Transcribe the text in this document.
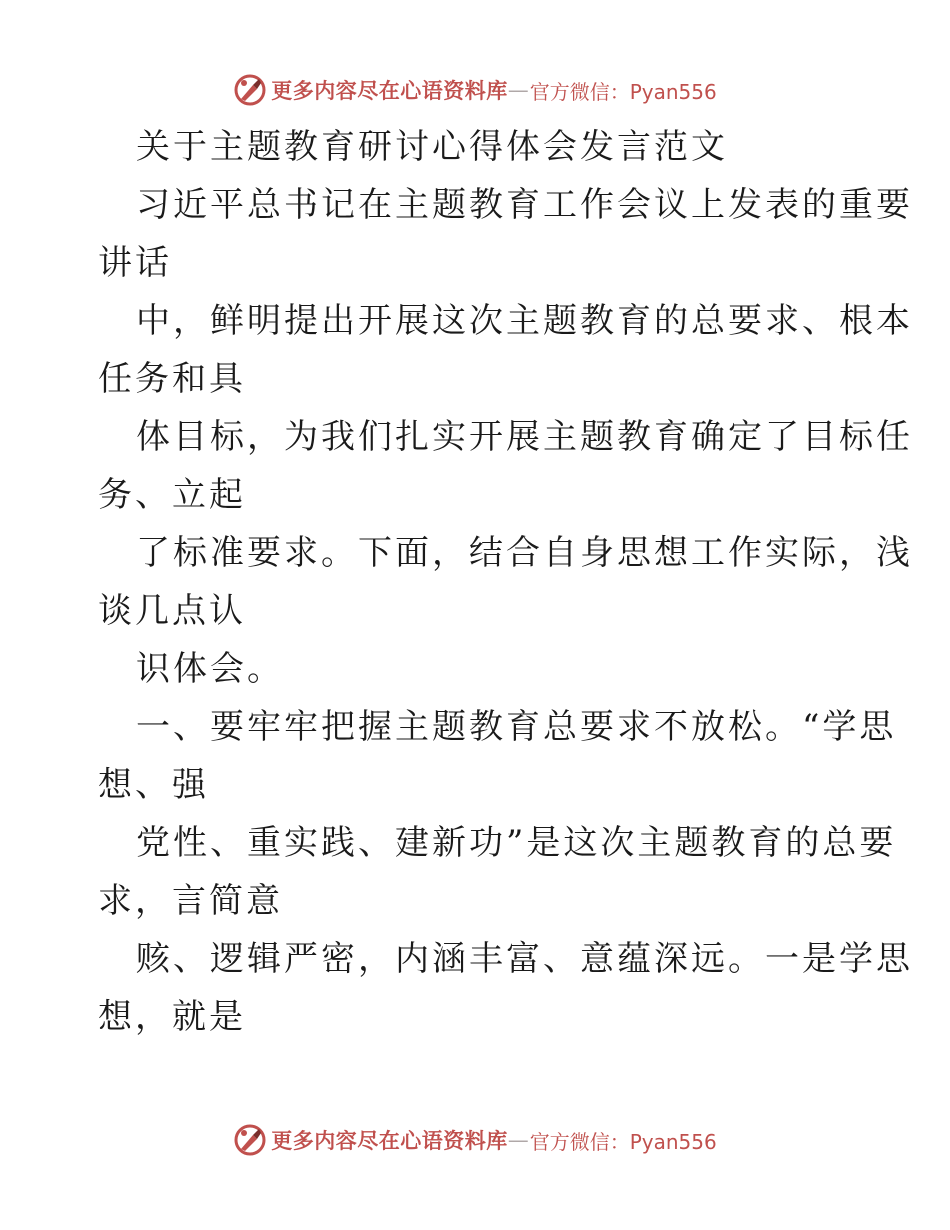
更多内容尽在心语资料库 — 官方微信：Pyan556
关于主题教育研讨心得体会发言范文
习近平总书记在主题教育工作会议上发表的重要
讲话
中，鲜明提出开展这次主题教育的总要求、根本
任务和具
体目标，为我们扎实开展主题教育确定了目标任
务、立起
了标准要求。下面，结合自身思想工作实际，浅
谈几点认
识体会。
一、要牢牢把握主题教育总要求不放松。“学思
想、强
党性、重实践、建新功”是这次主题教育的总要
求，言简意
赅、逻辑严密，内涵丰富、意蕴深远。一是学思
想，就是
更多内容尽在心语资料库 — 官方微信：Pyan556
